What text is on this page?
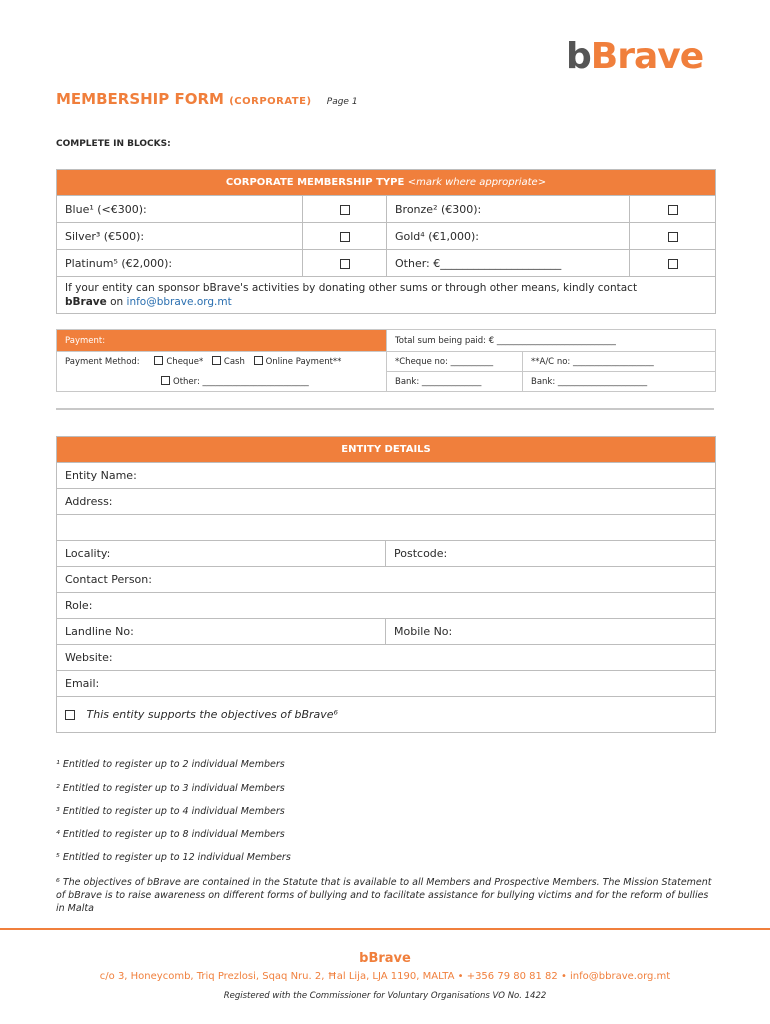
bBrave
MEMBERSHIP FORM (CORPORATE) Page 1
COMPLETE IN BLOCKS:
CORPORATE MEMBERSHIP TYPE <mark where appropriate>			
Blue¹ (<€300):		Bronze² (€300):	
Silver³ (€500):		Gold⁴ (€1,000):	
Platinum⁵ (€2,000):		Other: €______________________	
If your entity can sponsor bBrave's activities by donating other sums or through other means, kindly contact
bBrave on info@bbrave.org.mt			
Payment:	Total sum being paid: € ____________________________	
Payment Method: Cheque* Cash Online Payment**	*Cheque no: __________	**A/C no: ___________________
Other: _________________________	Bank: ______________	Bank: _____________________
ENTITY DETAILS	
Entity Name:	
Address:	

Locality:	Postcode:
Contact Person:	
Role:	
Landline No:	Mobile No:
Website:	
Email:	
This entity supports the objectives of bBrave⁶	
¹ Entitled to register up to 2 individual Members
² Entitled to register up to 3 individual Members
³ Entitled to register up to 4 individual Members
⁴ Entitled to register up to 8 individual Members
⁵ Entitled to register up to 12 individual Members
⁶ The objectives of bBrave are contained in the Statute that is available to all Members and Prospective Members. The Mission Statement of bBrave is to raise awareness on different forms of bullying and to facilitate assistance for bullying victims and for the reform of bullies in Malta
bBrave
c/o 3, Honeycomb, Triq Prezlosi, Sqaq Nru. 2, Ħal Lija, LJA 1190, MALTA • +356 79 80 81 82 • info@bbrave.org.mt
Registered with the Commissioner for Voluntary Organisations VO No. 1422
